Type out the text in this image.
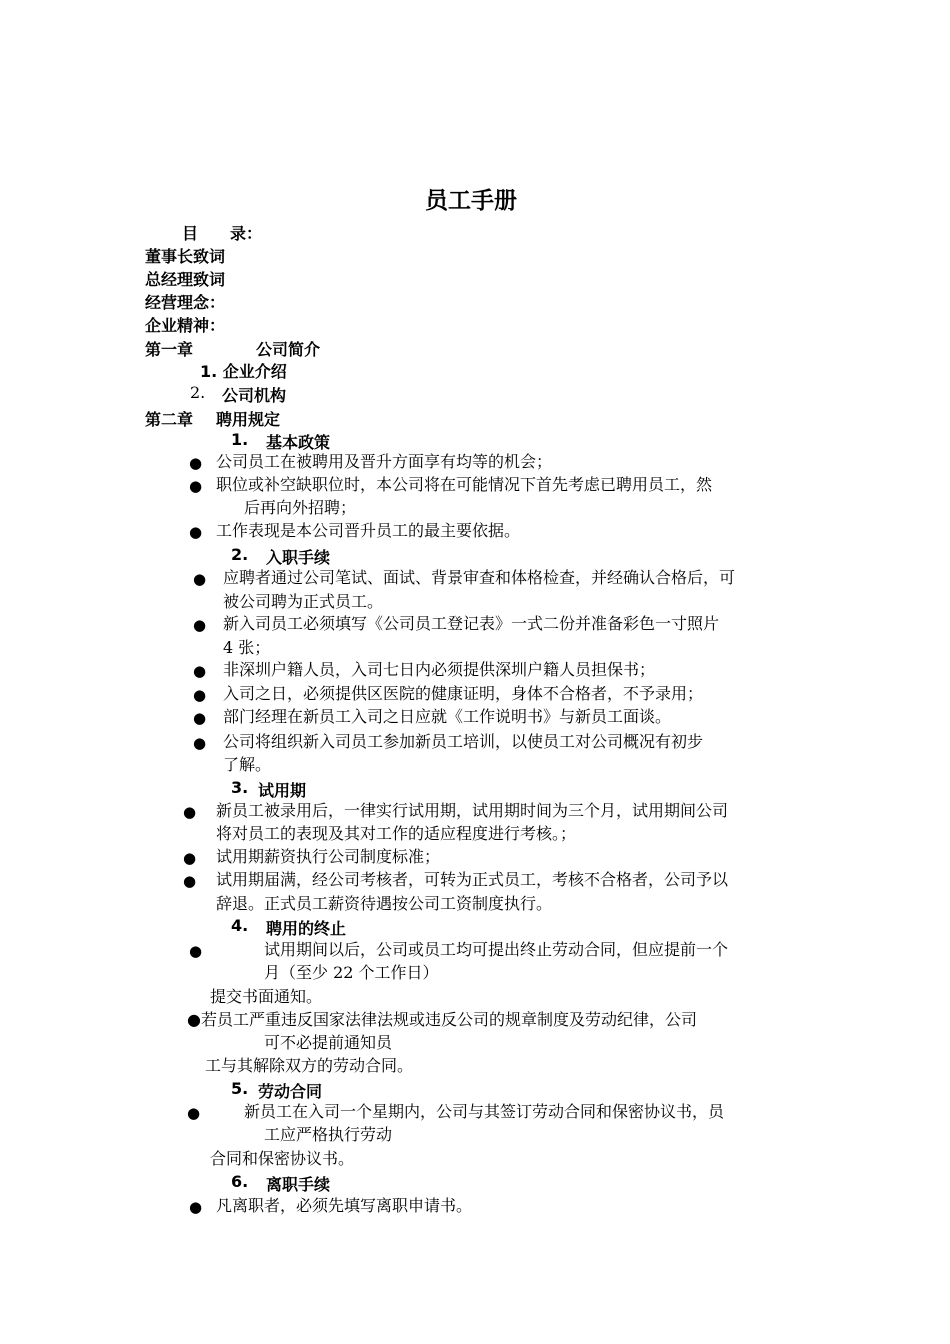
员工手册
目 录：
董事长致词
总经理致词
经营理念：
企业精神：
第一章	公司简介
1. 企业介绍
2. 公司机构
第二章 聘用规定
1. 基本政策
● 公司员工在被聘用及晋升方面享有均等的机会；
● 职位或补空缺职位时，本公司将在可能情况下首先考虑已聘用员工，然
后再向外招聘；
● 工作表现是本公司晋升员工的最主要依据。
2. 入职手续
● 应聘者通过公司笔试、面试、背景审查和体格检查，并经确认合格后，可
被公司聘为正式员工。
● 新入司员工必须填写《公司员工登记表》一式二份并准备彩色一寸照片
4 张；
● 非深圳户籍人员，入司七日内必须提供深圳户籍人员担保书；
● 入司之日，必须提供区医院的健康证明，身体不合格者，不予录用；
● 部门经理在新员工入司之日应就《工作说明书》与新员工面谈。
● 公司将组织新入司员工参加新员工培训，以使员工对公司概况有初步
了解。
3. 试用期
● 新员工被录用后，一律实行试用期，试用期时间为三个月，试用期间公司
将对员工的表现及其对工作的适应程度进行考核。；
● 试用期薪资执行公司制度标准；
● 试用期届满，经公司考核者，可转为正式员工，考核不合格者，公司予以
辞退。正式员工薪资待遇按公司工资制度执行。
4. 聘用的终止
●	试用期间以后，公司或员工均可提出终止劳动合同，但应提前一个
月（至少 22 个工作日）
提交书面通知。
●若员工严重违反国家法律法规或违反公司的规章制度及劳动纪律，公司
可不必提前通知员
工与其解除双方的劳动合同。
5. 劳动合同
●	新员工在入司一个星期内，公司与其签订劳动合同和保密协议书，员
工应严格执行劳动
合同和保密协议书。
6. 离职手续
● 凡离职者，必须先填写离职申请书。
